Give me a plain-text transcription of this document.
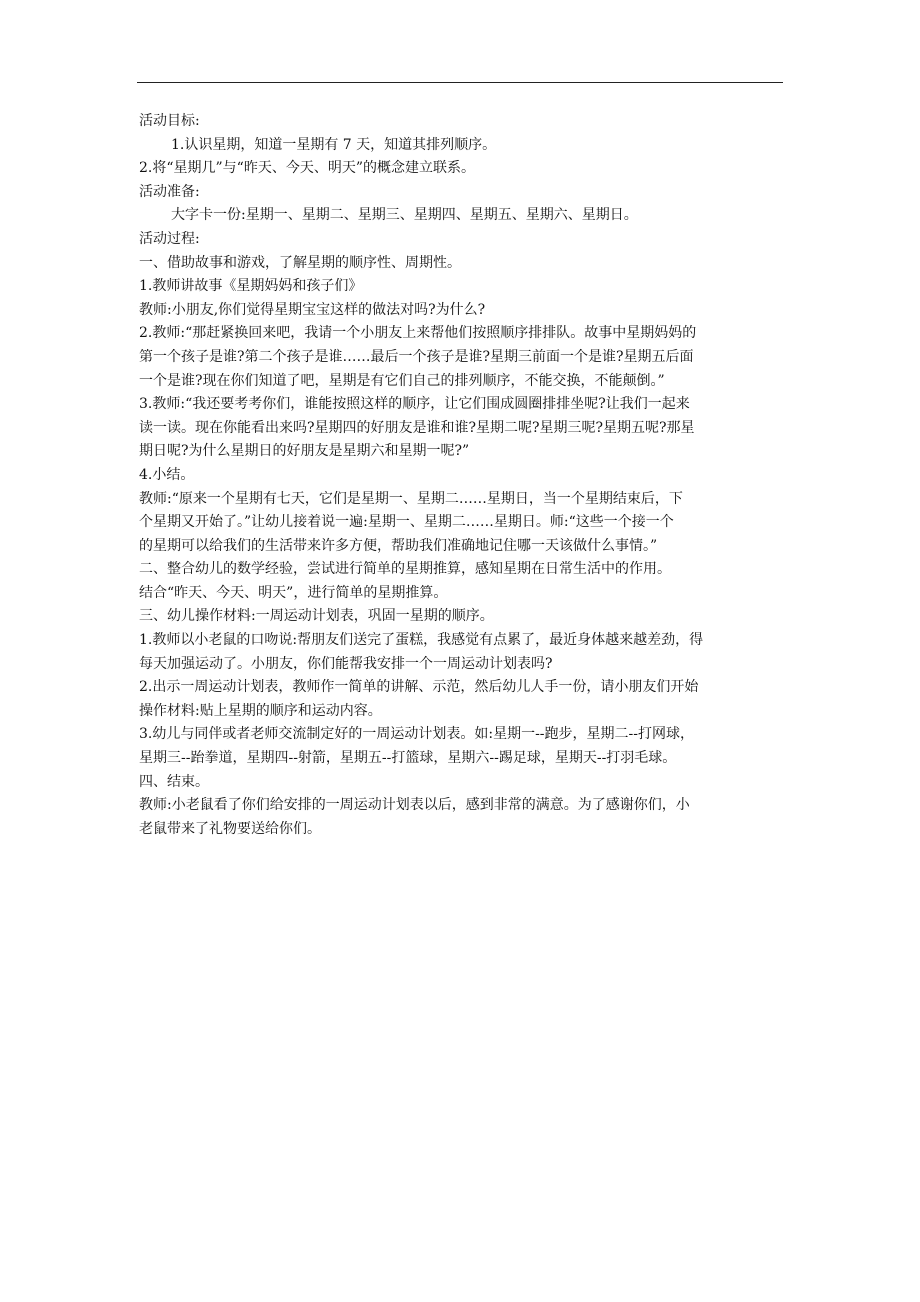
活动目标:
1.认识星期，知道一星期有 7 天，知道其排列顺序。
2.将“星期几”与“昨天、今天、明天”的概念建立联系。
活动准备:
大字卡一份:星期一、星期二、星期三、星期四、星期五、星期六、星期日。
活动过程:
一、借助故事和游戏，了解星期的顺序性、周期性。
1.教师讲故事《星期妈妈和孩子们》
教师:小朋友,你们觉得星期宝宝这样的做法对吗?为什么?
2.教师:“那赶紧换回来吧，我请一个小朋友上来帮他们按照顺序排排队。故事中星期妈妈的
第一个孩子是谁?第二个孩子是谁……最后一个孩子是谁?星期三前面一个是谁?星期五后面
一个是谁?现在你们知道了吧，星期是有它们自己的排列顺序，不能交换，不能颠倒。”
3.教师:“我还要考考你们，谁能按照这样的顺序，让它们围成圆圈排排坐呢?让我们一起来
读一读。现在你能看出来吗?星期四的好朋友是谁和谁?星期二呢?星期三呢?星期五呢?那星
期日呢?为什么星期日的好朋友是星期六和星期一呢?”
4.小结。
教师:“原来一个星期有七天，它们是星期一、星期二……星期日，当一个星期结束后，下
个星期又开始了。”让幼儿接着说一遍:星期一、星期二……星期日。师:“这些一个接一个
的星期可以给我们的生活带来许多方便，帮助我们准确地记住哪一天该做什么事情。”
二、整合幼儿的数学经验，尝试进行简单的星期推算，感知星期在日常生活中的作用。
结合“昨天、今天、明天”，进行简单的星期推算。
三、幼儿操作材料:一周运动计划表，巩固一星期的顺序。
1.教师以小老鼠的口吻说:帮朋友们送完了蛋糕，我感觉有点累了，最近身体越来越差劲，得
每天加强运动了。小朋友，你们能帮我安排一个一周运动计划表吗?
2.出示一周运动计划表，教师作一简单的讲解、示范，然后幼儿人手一份，请小朋友们开始
操作材料:贴上星期的顺序和运动内容。
3.幼儿与同伴或者老师交流制定好的一周运动计划表。如:星期一--跑步，星期二--打网球，
星期三--跆拳道，星期四--射箭，星期五--打篮球，星期六--踢足球，星期天--打羽毛球。
四、结束。
教师:小老鼠看了你们给安排的一周运动计划表以后，感到非常的满意。为了感谢你们，小
老鼠带来了礼物要送给你们。
